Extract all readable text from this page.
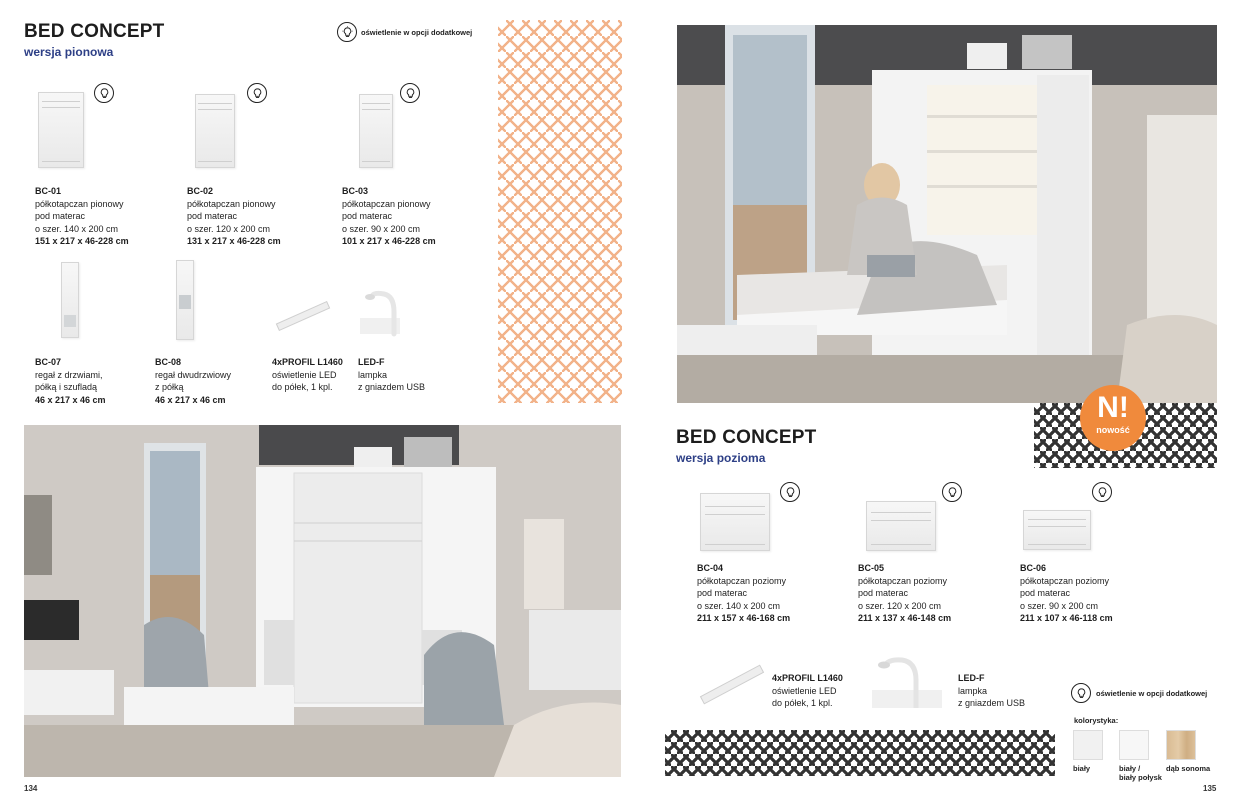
BED CONCEPT
wersja pionowa
oświetlenie w opcji dodatkowej
BC-01
półkotapczan pionowy
pod materac
o szer. 140 x 200 cm
151 x 217 x 46-228 cm
BC-02
półkotapczan pionowy
pod materac
o szer. 120 x 200 cm
131 x 217 x 46-228 cm
BC-03
półkotapczan pionowy
pod materac
o szer. 90 x 200 cm
101 x 217 x 46-228 cm
BC-07
regał z drzwiami,
półką i szufladą
46 x 217 x 46 cm
BC-08
regał dwudrzwiowy
z półką
46 x 217 x 46 cm
4xPROFIL L1460
oświetlenie LED
do półek, 1 kpl.
LED-F
lampka
z gniazdem USB
134
N!
nowość
BED CONCEPT
wersja pozioma
BC-04
półkotapczan poziomy
pod materac
o szer. 140 x 200 cm
211 x 157 x 46-168 cm
BC-05
półkotapczan poziomy
pod materac
o szer. 120 x 200 cm
211 x 137 x 46-148 cm
BC-06
półkotapczan poziomy
pod materac
o szer. 90 x 200 cm
211 x 107 x 46-118 cm
4xPROFIL L1460
oświetlenie LED
do półek, 1 kpl.
LED-F
lampka
z gniazdem USB
oświetlenie w opcji dodatkowej
kolorystyka:
biały	biały /
biały połysk
dąb sonoma
135
